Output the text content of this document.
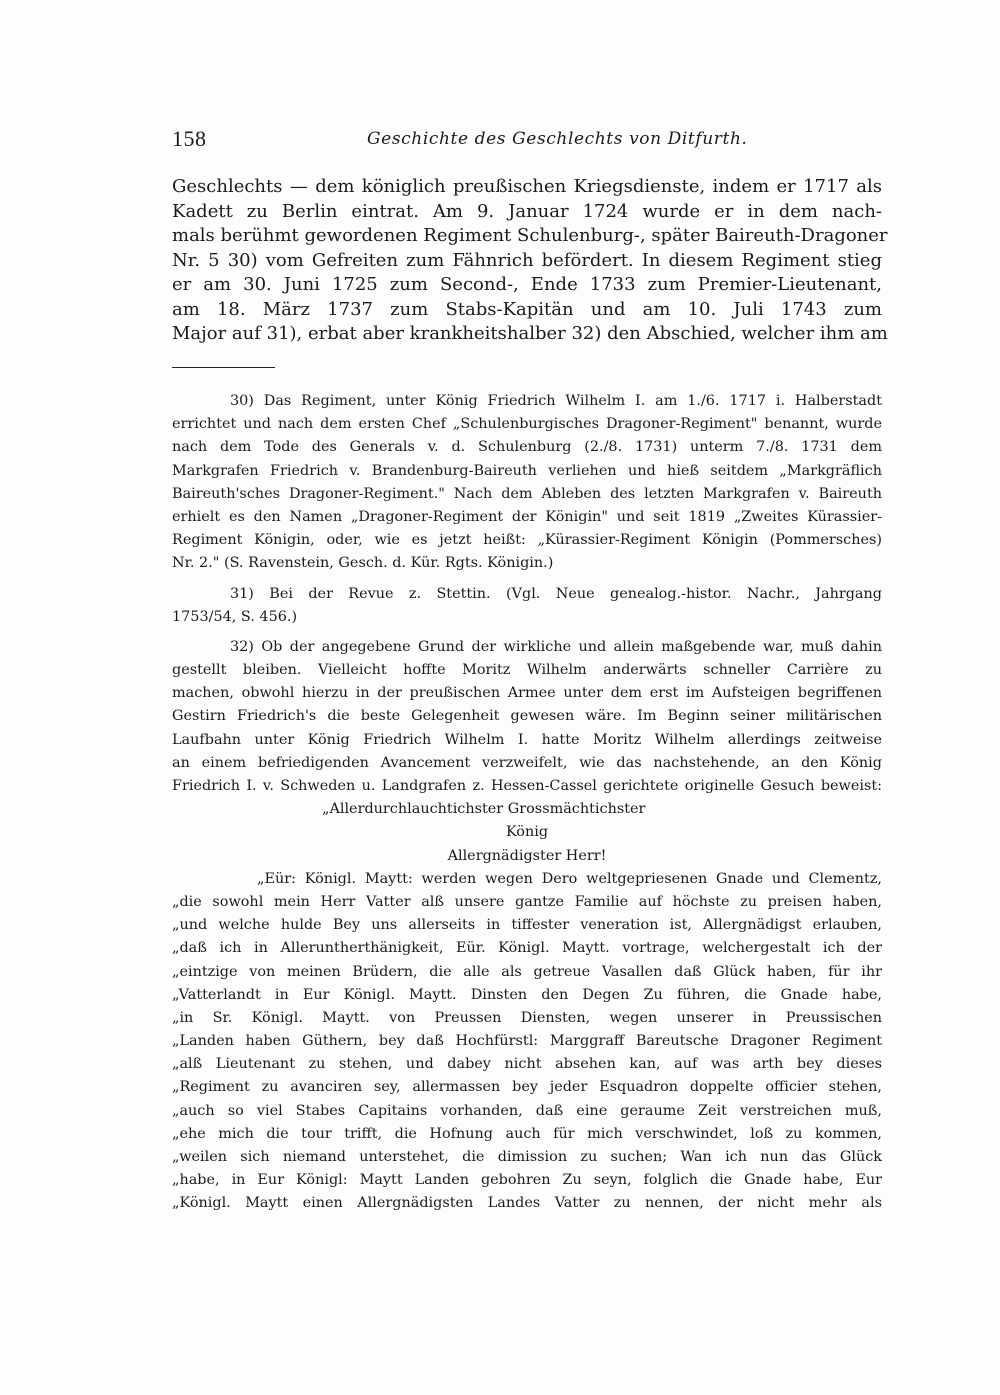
158	Geschichte des Geschlechts von Ditfurth.
Geschlechts — dem königlich preußischen Kriegsdienste, indem er 1717 als
Kadett zu Berlin eintrat. Am 9. Januar 1724 wurde er in dem nach-
mals berühmt gewordenen Regiment Schulenburg-, später Baireuth-Dragoner
Nr. 5 30) vom Gefreiten zum Fähnrich befördert. In diesem Regiment stieg
er am 30. Juni 1725 zum Second-, Ende 1733 zum Premier-Lieutenant,
am 18. März 1737 zum Stabs-Kapitän und am 10. Juli 1743 zum
Major auf 31), erbat aber krankheitshalber 32) den Abschied, welcher ihm am
30) Das Regiment, unter König Friedrich Wilhelm I. am 1./6. 1717 i. Halberstadt
errichtet und nach dem ersten Chef „Schulenburgisches Dragoner-Regiment" benannt, wurde
nach dem Tode des Generals v. d. Schulenburg (2./8. 1731) unterm 7./8. 1731 dem
Markgrafen Friedrich v. Brandenburg-Baireuth verliehen und hieß seitdem „Markgräflich
Baireuth'sches Dragoner-Regiment." Nach dem Ableben des letzten Markgrafen v. Baireuth
erhielt es den Namen „Dragoner-Regiment der Königin" und seit 1819 „Zweites Kürassier-
Regiment Königin, oder, wie es jetzt heißt: „Kürassier-Regiment Königin (Pommersches)
Nr. 2." (S. Ravenstein, Gesch. d. Kür. Rgts. Königin.)
31) Bei der Revue z. Stettin. (Vgl. Neue genealog.-histor. Nachr., Jahrgang
1753/54, S. 456.)
32) Ob der angegebene Grund der wirkliche und allein maßgebende war, muß dahin
gestellt bleiben. Vielleicht hoffte Moritz Wilhelm anderwärts schneller Carrière zu
machen, obwohl hierzu in der preußischen Armee unter dem erst im Aufsteigen begriffenen
Gestirn Friedrich's die beste Gelegenheit gewesen wäre. Im Beginn seiner militärischen
Laufbahn unter König Friedrich Wilhelm I. hatte Moritz Wilhelm allerdings zeitweise
an einem befriedigenden Avancement verzweifelt, wie das nachstehende, an den König
Friedrich I. v. Schweden u. Landgrafen z. Hessen-Cassel gerichtete originelle Gesuch beweist:
„Allerdurchlauchtichster Grossmächtichster
König
Allergnädigster Herr!
„Eür: Königl. Maytt: werden wegen Dero weltgepriesenen Gnade und Clementz,
„die sowohl mein Herr Vatter alß unsere gantze Familie auf höchste zu preisen haben,
„und welche hulde Bey uns allerseits in tiffester veneration ist, Allergnädigst erlauben,
„daß ich in Alleruntherthänigkeit, Eür. Königl. Maytt. vortrage, welchergestalt ich der
„eintzige von meinen Brüdern, die alle als getreue Vasallen daß Glück haben, für ihr
„Vatterlandt in Eur Königl. Maytt. Dinsten den Degen Zu führen, die Gnade habe,
„in Sr. Königl. Maytt. von Preussen Diensten, wegen unserer in Preussischen
„Landen haben Güthern, bey daß Hochfürstl: Marggraff Bareutsche Dragoner Regiment
„alß Lieutenant zu stehen, und dabey nicht absehen kan, auf was arth bey dieses
„Regiment zu avanciren sey, allermassen bey jeder Esquadron doppelte officier stehen,
„auch so viel Stabes Capitains vorhanden, daß eine geraume Zeit verstreichen muß,
„ehe mich die tour trifft, die Hofnung auch für mich verschwindet, loß zu kommen,
„weilen sich niemand unterstehet, die dimission zu suchen; Wan ich nun das Glück
„habe, in Eur Königl: Maytt Landen gebohren Zu seyn, folglich die Gnade habe, Eur
„Königl. Maytt einen Allergnädigsten Landes Vatter zu nennen, der nicht mehr als
